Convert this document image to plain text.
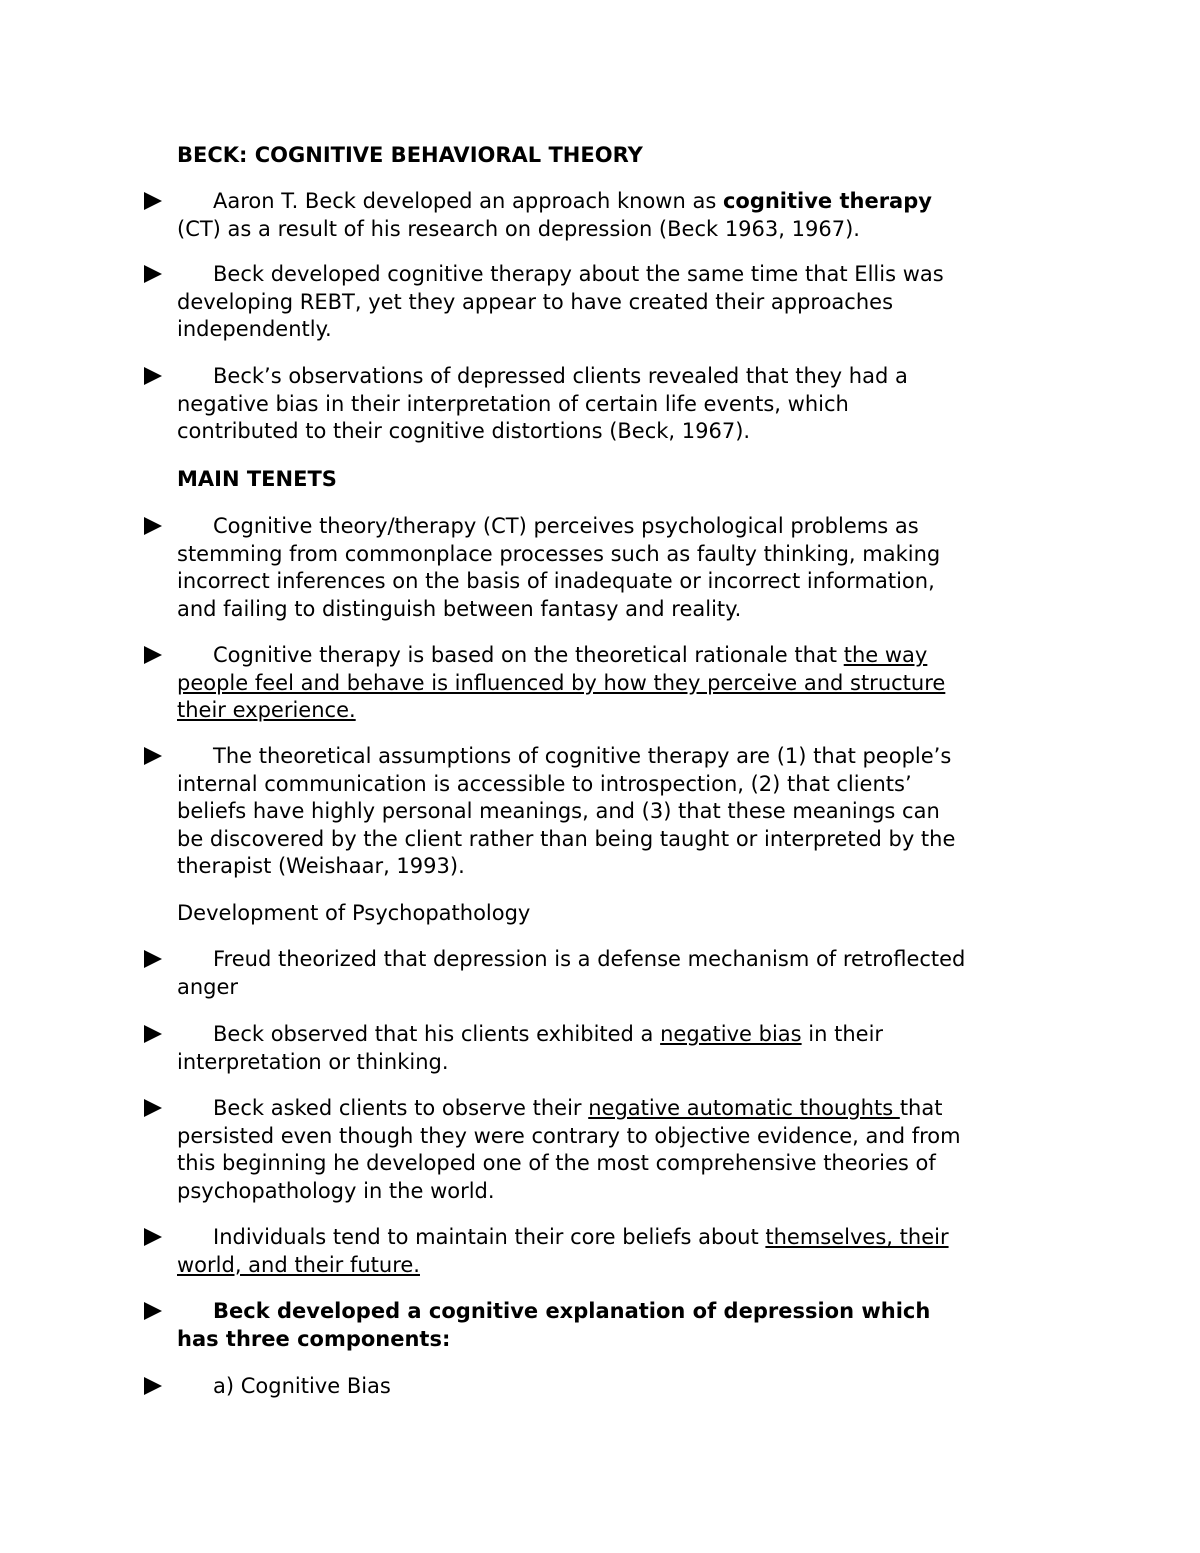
BECK: COGNITIVE BEHAVIORAL THEORY
Aaron T. Beck developed an approach known as cognitive therapy
(CT) as a result of his research on depression (Beck 1963, 1967).
Beck developed cognitive therapy about the same time that Ellis was
developing REBT, yet they appear to have created their approaches
independently.
Beck’s observations of depressed clients revealed that they had a
negative bias in their interpretation of certain life events, which
contributed to their cognitive distortions (Beck, 1967).
MAIN TENETS
Cognitive theory/therapy (CT) perceives psychological problems as
stemming from commonplace processes such as faulty thinking, making
incorrect inferences on the basis of inadequate or incorrect information,
and failing to distinguish between fantasy and reality.
Cognitive therapy is based on the theoretical rationale that the way
people feel and behave is influenced by how they perceive and structure
their experience.
The theoretical assumptions of cognitive therapy are (1) that people’s
internal communication is accessible to introspection, (2) that clients’
beliefs have highly personal meanings, and (3) that these meanings can
be discovered by the client rather than being taught or interpreted by the
therapist (Weishaar, 1993).
Development of Psychopathology
Freud theorized that depression is a defense mechanism of retroflected
anger
Beck observed that his clients exhibited a negative bias in their
interpretation or thinking.
Beck asked clients to observe their negative automatic thoughts that
persisted even though they were contrary to objective evidence, and from
this beginning he developed one of the most comprehensive theories of
psychopathology in the world.
Individuals tend to maintain their core beliefs about themselves, their
world, and their future.
Beck developed a cognitive explanation of depression which
has three components:
a) Cognitive Bias
